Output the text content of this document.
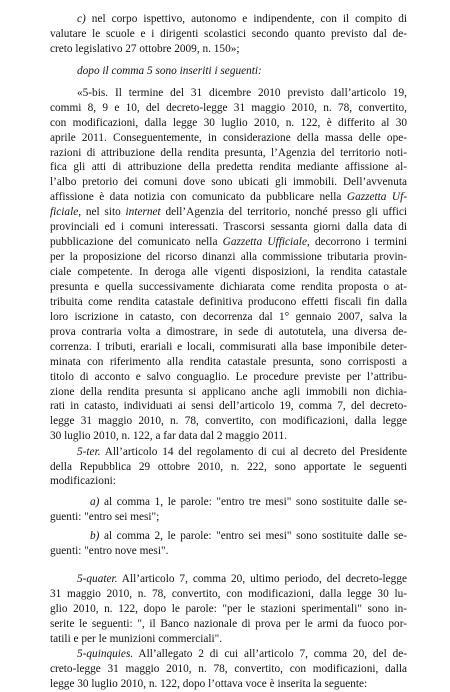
c) nel corpo ispettivo, autonomo e indipendente, con il compito di
valutare le scuole e i dirigenti scolastici secondo quanto previsto dal de-
creto legislativo 27 ottobre 2009, n. 150»;
dopo il comma 5 sono inseriti i seguenti:
«5-bis. Il termine del 31 dicembre 2010 previsto dall’articolo 19,
commi 8, 9 e 10, del decreto-legge 31 maggio 2010, n. 78, convertito,
con modificazioni, dalla legge 30 luglio 2010, n. 122, è differito al 30
aprile 2011. Conseguentemente, in considerazione della massa delle ope-
razioni di attribuzione della rendita presunta, l’Agenzia del territorio noti-
fica gli atti di attribuzione della predetta rendita mediante affissione al-
l’albo pretorio dei comuni dove sono ubicati gli immobili. Dell’avvenuta
affissione è data notizia con comunicato da pubblicare nella Gazzetta Uf-
ficiale, nel sito internet dell’Agenzia del territorio, nonché presso gli uffici
provinciali ed i comuni interessati. Trascorsi sessanta giorni dalla data di
pubblicazione del comunicato nella Gazzetta Ufficiale, decorrono i termini
per la proposizione del ricorso dinanzi alla commissione tributaria provin-
ciale competente. In deroga alle vigenti disposizioni, la rendita catastale
presunta e quella successivamente dichiarata come rendita proposta o at-
tribuita come rendita catastale definitiva producono effetti fiscali fin dalla
loro iscrizione in catasto, con decorrenza dal 1° gennaio 2007, salva la
prova contraria volta a dimostrare, in sede di autotutela, una diversa de-
correnza. I tributi, erariali e locali, commisurati alla base imponibile deter-
minata con riferimento alla rendita catastale presunta, sono corrisposti a
titolo di acconto e salvo conguaglio. Le procedure previste per l’attribu-
zione della rendita presunta si applicano anche agli immobili non dichia-
rati in catasto, individuati ai sensi dell’articolo 19, comma 7, del decreto-
legge 31 maggio 2010, n. 78, convertito, con modificazioni, dalla legge
30 luglio 2010, n. 122, a far data dal 2 maggio 2011.
5-ter. All’articolo 14 del regolamento di cui al decreto del Presidente
della Repubblica 29 ottobre 2010, n. 222, sono apportate le seguenti
modificazioni:
a) al comma 1, le parole: "entro tre mesi" sono sostituite dalle se-
guenti: "entro sei mesi";
b) al comma 2, le parole: "entro sei mesi" sono sostituite dalle se-
guenti: "entro nove mesi".
5-quater. All’articolo 7, comma 20, ultimo periodo, del decreto-legge
31 maggio 2010, n. 78, convertito, con modificazioni, dalla legge 30 lu-
glio 2010, n. 122, dopo le parole: "per le stazioni sperimentali" sono in-
serite le seguenti: ", il Banco nazionale di prova per le armi da fuoco por-
tatili e per le munizioni commerciali".
5-quinquies. All’allegato 2 di cui all’articolo 7, comma 20, del de-
creto-legge 31 maggio 2010, n. 78, convertito, con modificazioni, dalla
legge 30 luglio 2010, n. 122, dopo l’ottava voce è inserita la seguente:
